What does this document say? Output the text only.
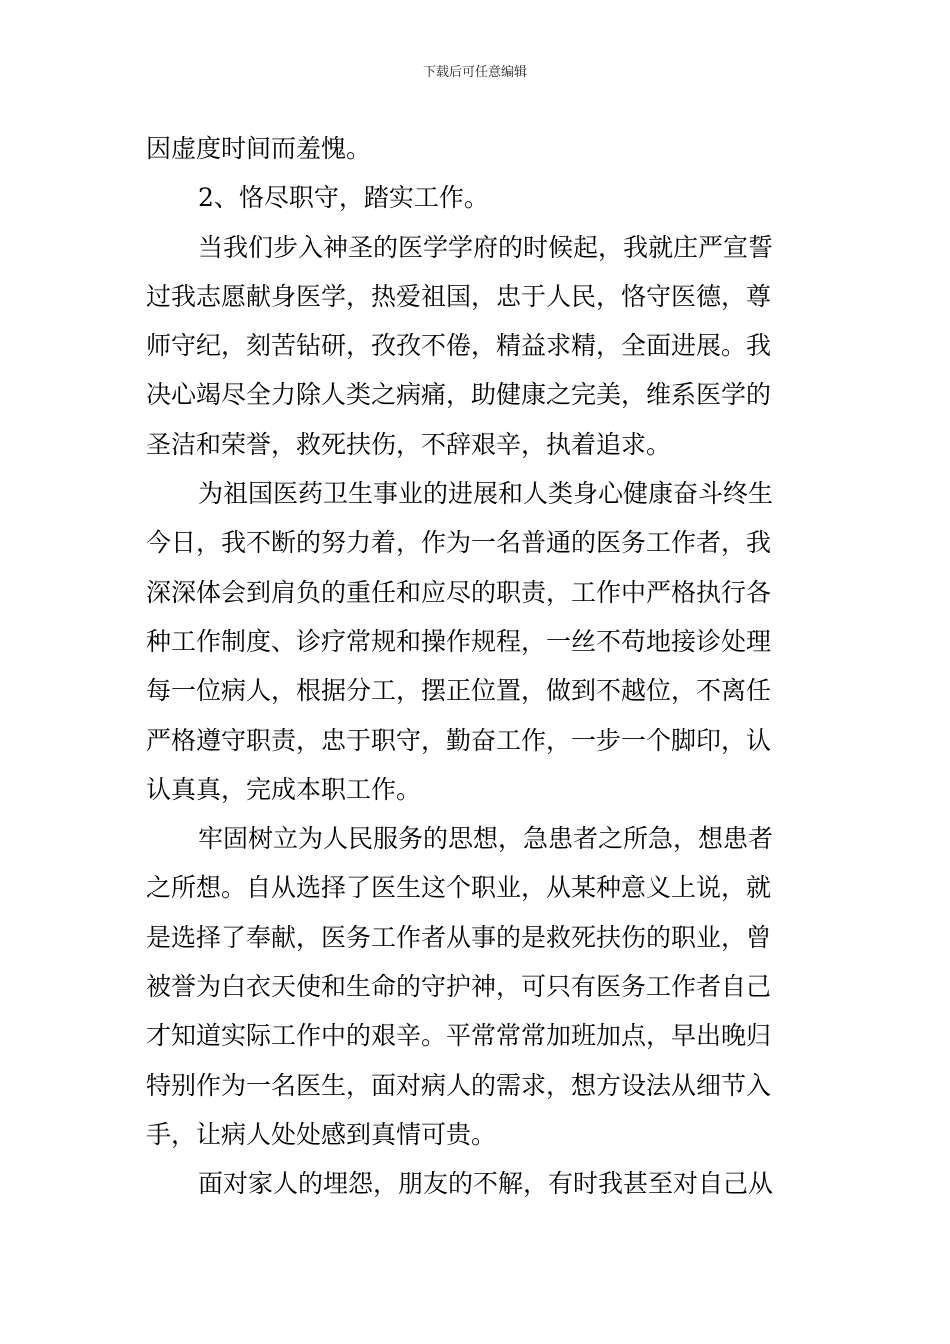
下载后可任意编辑
因虚度时间而羞愧。
2、恪尽职守，踏实工作。
当我们步入神圣的医学学府的时候起，我就庄严宣誓
过我志愿献身医学，热爱祖国，忠于人民，恪守医德，尊
师守纪，刻苦钻研，孜孜不倦，精益求精，全面进展。我
决心竭尽全力除人类之病痛，助健康之完美，维系医学的
圣洁和荣誉，救死扶伤，不辞艰辛，执着追求。
为祖国医药卫生事业的进展和人类身心健康奋斗终生
今日，我不断的努力着，作为一名普通的医务工作者，我
深深体会到肩负的重任和应尽的职责，工作中严格执行各
种工作制度、诊疗常规和操作规程，一丝不苟地接诊处理
每一位病人，根据分工，摆正位置，做到不越位，不离任
严格遵守职责，忠于职守，勤奋工作，一步一个脚印，认
认真真，完成本职工作。
牢固树立为人民服务的思想，急患者之所急，想患者
之所想。自从选择了医生这个职业，从某种意义上说，就
是选择了奉献，医务工作者从事的是救死扶伤的职业，曾
被誉为白衣天使和生命的守护神，可只有医务工作者自己
才知道实际工作中的艰辛。平常常常加班加点，早出晚归
特别作为一名医生，面对病人的需求，想方设法从细节入
手，让病人处处感到真情可贵。
面对家人的埋怨，朋友的不解，有时我甚至对自己从
